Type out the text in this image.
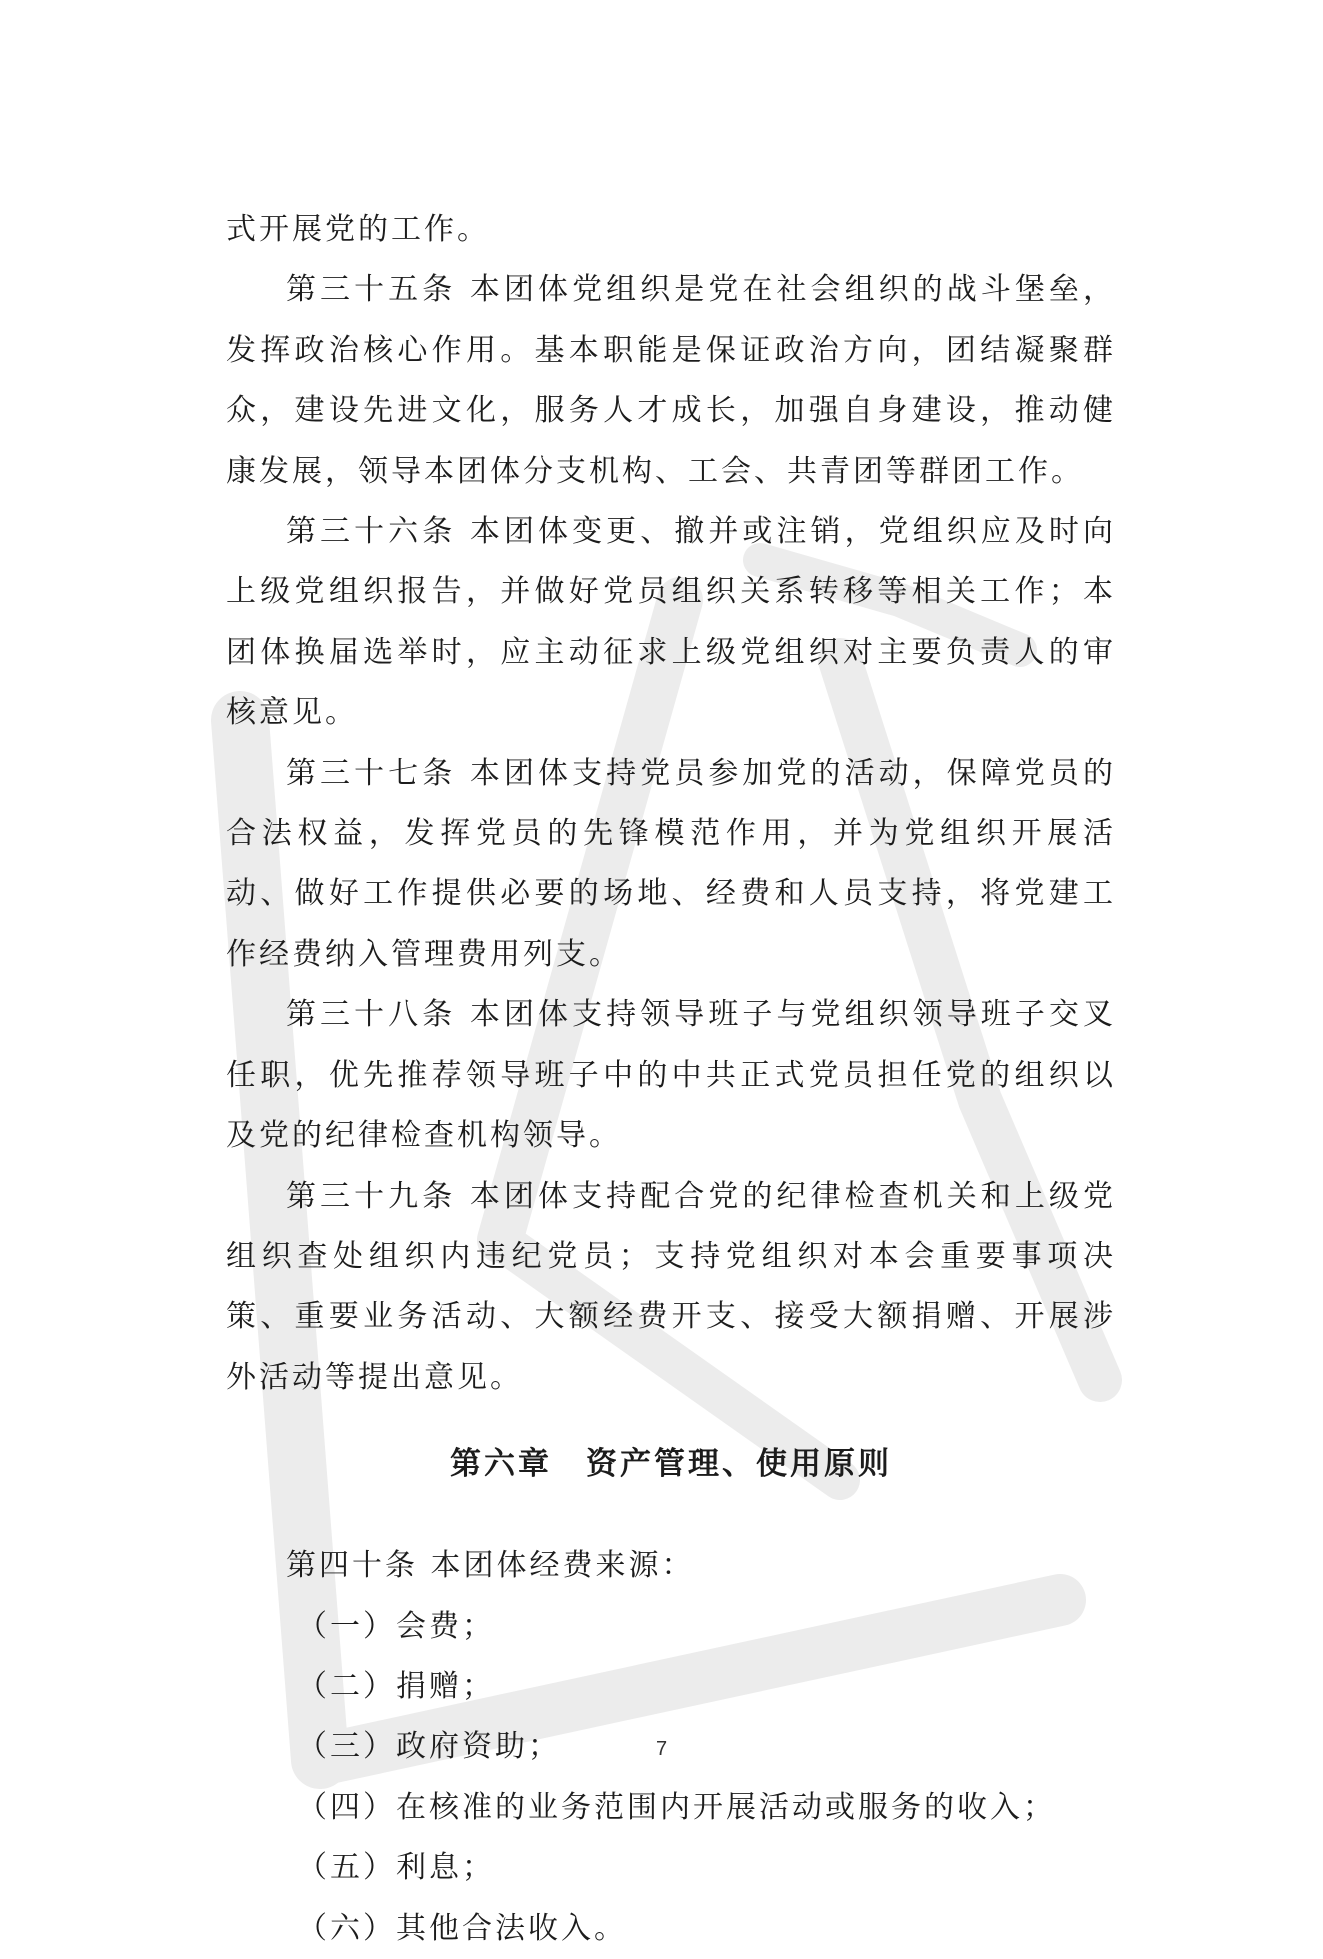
式开展党的工作。

第三十五条 本团体党组织是党在社会组织的战斗堡垒，发挥政治核心作用。基本职能是保证政治方向，团结凝聚群众，建设先进文化，服务人才成长，加强自身建设，推动健康发展，领导本团体分支机构、工会、共青团等群团工作。

第三十六条 本团体变更、撤并或注销，党组织应及时向上级党组织报告，并做好党员组织关系转移等相关工作；本团体换届选举时，应主动征求上级党组织对主要负责人的审核意见。

第三十七条 本团体支持党员参加党的活动，保障党员的合法权益，发挥党员的先锋模范作用，并为党组织开展活动、做好工作提供必要的场地、经费和人员支持，将党建工作经费纳入管理费用列支。

第三十八条 本团体支持领导班子与党组织领导班子交叉任职，优先推荐领导班子中的中共正式党员担任党的组织以及党的纪律检查机构领导。

第三十九条 本团体支持配合党的纪律检查机关和上级党组织查处组织内违纪党员；支持党组织对本会重要事项决策、重要业务活动、大额经费开支、接受大额捐赠、开展涉外活动等提出意见。

第六章　资产管理、使用原则

第四十条 本团体经费来源：

（一）会费；

（二）捐赠；

（三）政府资助；

（四）在核准的业务范围内开展活动或服务的收入；

（五）利息；

（六）其他合法收入。

7
